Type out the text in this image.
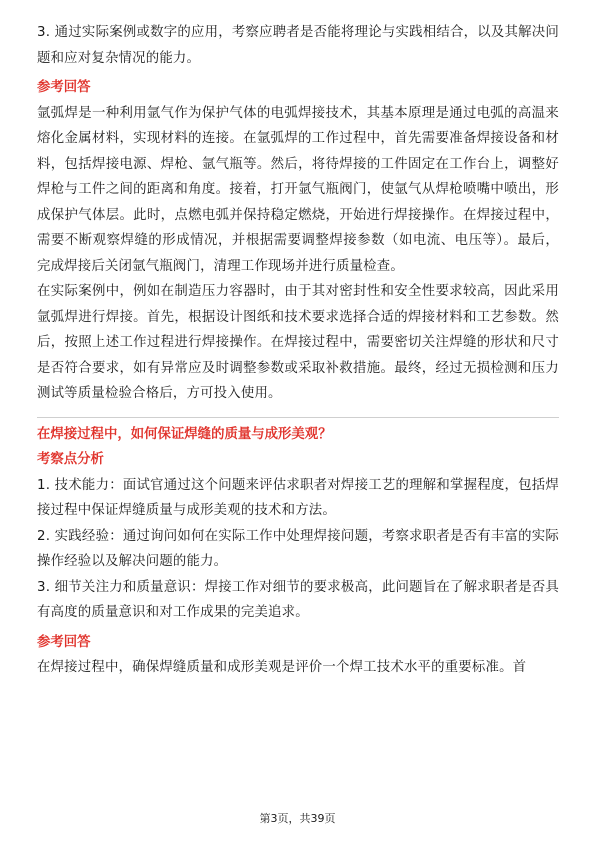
3. 通过实际案例或数字的应用，考察应聘者是否能将理论与实践相结合，以及其解决问题和应对复杂情况的能力。

参考回答

氩弧焊是一种利用氩气作为保护气体的电弧焊接技术，其基本原理是通过电弧的高温来熔化金属材料，实现材料的连接。在氩弧焊的工作过程中，首先需要准备焊接设备和材料，包括焊接电源、焊枪、氩气瓶等。然后，将待焊接的工件固定在工作台上，调整好焊枪与工件之间的距离和角度。接着，打开氩气瓶阀门，使氩气从焊枪喷嘴中喷出，形成保护气体层。此时，点燃电弧并保持稳定燃烧，开始进行焊接操作。在焊接过程中，需要不断观察焊缝的形成情况，并根据需要调整焊接参数（如电流、电压等）。最后，完成焊接后关闭氩气瓶阀门，清理工作现场并进行质量检查。

在实际案例中，例如在制造压力容器时，由于其对密封性和安全性要求较高，因此采用氩弧焊进行焊接。首先，根据设计图纸和技术要求选择合适的焊接材料和工艺参数。然后，按照上述工作过程进行焊接操作。在焊接过程中，需要密切关注焊缝的形状和尺寸是否符合要求，如有异常应及时调整参数或采取补救措施。最终，经过无损检测和压力测试等质量检验合格后，方可投入使用。

在焊接过程中，如何保证焊缝的质量与成形美观？
考察点分析

1. 技术能力：面试官通过这个问题来评估求职者对焊接工艺的理解和掌握程度，包括焊接过程中保证焊缝质量与成形美观的技术和方法。

2. 实践经验：通过询问如何在实际工作中处理焊接问题，考察求职者是否有丰富的实际操作经验以及解决问题的能力。

3. 细节关注力和质量意识：焊接工作对细节的要求极高，此问题旨在了解求职者是否具有高度的质量意识和对工作成果的完美追求。

参考回答

在焊接过程中，确保焊缝质量和成形美观是评价一个焊工技术水平的重要标准。首

第3页，共39页
